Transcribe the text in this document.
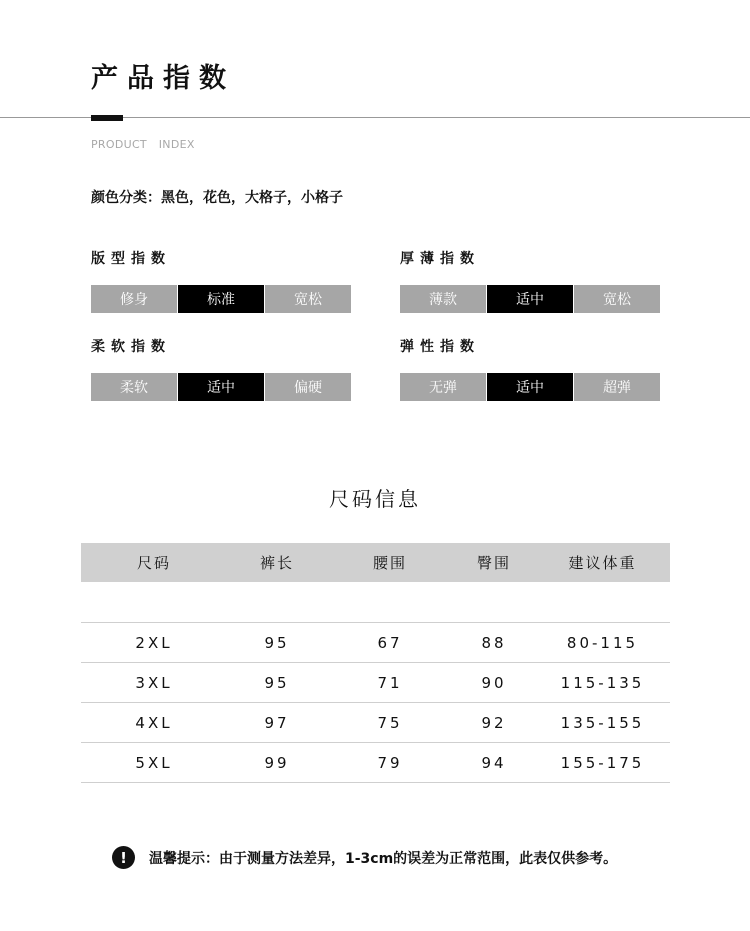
产品指数
PRODUCT INDEX
颜色分类：黑色，花色，大格子，小格子
版型指数
修身	标准	宽松
厚薄指数
薄款	适中	宽松
柔软指数
柔软	适中	偏硬
弹性指数
无弹	适中	超弹
尺码信息
尺码	裤长	腰围	臀围	建议体重
2XL	95	67	88	80-115
3XL	95	71	90	115-135
4XL	97	75	92	135-155
5XL	99	79	94	155-175
!	温馨提示：由于测量方法差异，1-3cm的误差为正常范围，此表仅供参考。
